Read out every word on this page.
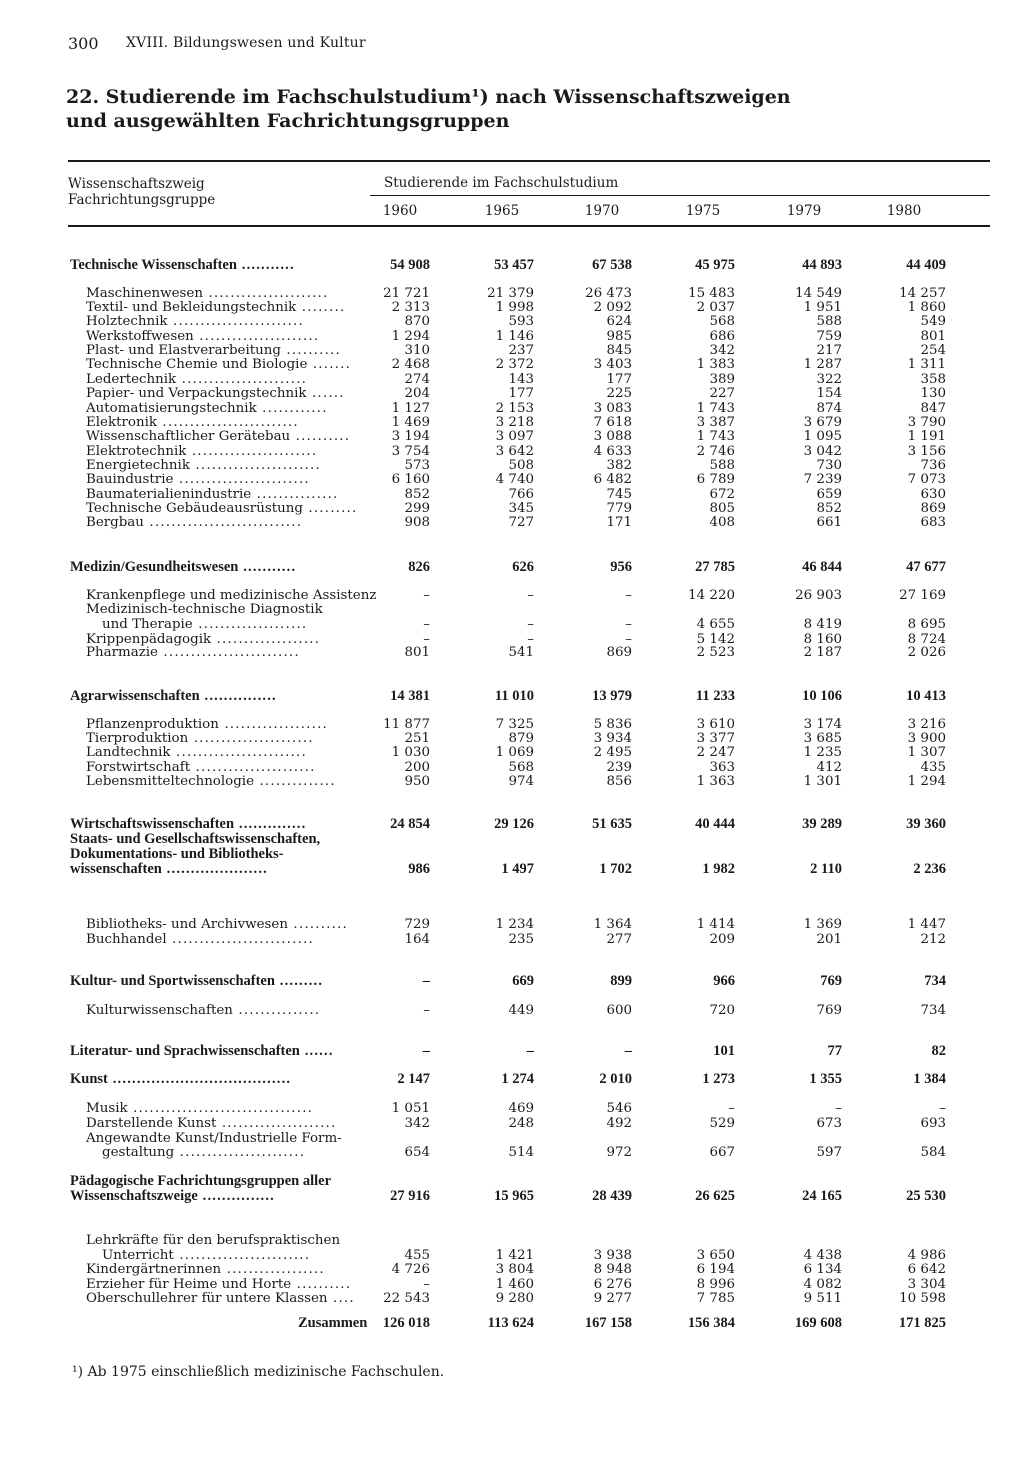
300 XVIII. Bildungswesen und Kultur
22. Studierende im Fachschulstudium¹) nach Wissenschaftszweigen
und ausgewählten Fachrichtungsgruppen
Wissenschaftszweig
Fachrichtungsgruppe
Studierende im Fachschulstudium
1960	1965	1970	1975	1979	1980
Technische Wissenschaften ...........	54 908	53 457	67 538	45 975	44 893	44 409
Maschinenwesen ......................	21 721	21 379	26 473	15 483	14 549	14 257
Textil- und Bekleidungstechnik ........	2 313	1 998	2 092	2 037	1 951	1 860
Holztechnik ........................	870	593	624	568	588	549
Werkstoffwesen ......................	1 294	1 146	985	686	759	801
Plast- und Elastverarbeitung ..........	310	237	845	342	217	254
Technische Chemie und Biologie .......	2 468	2 372	3 403	1 383	1 287	1 311
Ledertechnik .......................	274	143	177	389	322	358
Papier- und Verpackungstechnik ......	204	177	225	227	154	130
Automatisierungstechnik ............	1 127	2 153	3 083	1 743	874	847
Elektronik .........................	1 469	3 218	7 618	3 387	3 679	3 790
Wissenschaftlicher Gerätebau ..........	3 194	3 097	3 088	1 743	1 095	1 191
Elektrotechnik .......................	3 754	3 642	4 633	2 746	3 042	3 156
Energietechnik .......................	573	508	382	588	730	736
Bauindustrie ........................	6 160	4 740	6 482	6 789	7 239	7 073
Baumaterialienindustrie ...............	852	766	745	672	659	630
Technische Gebäudeausrüstung .........	299	345	779	805	852	869
Bergbau ............................	908	727	171	408	661	683
Medizin/Gesundheitswesen ...........	826	626	956	27 785	46 844	47 677
Krankenpflege und medizinische Assistenz	–	–	–	14 220	26 903	27 169
Medizinisch-technische Diagnostik
und Therapie ....................	–	–	–	4 655	8 419	8 695
Krippenpädagogik ...................	–	–	–	5 142	8 160	8 724
Pharmazie .........................	801	541	869	2 523	2 187	2 026
Agrarwissenschaften ...............	14 381	11 010	13 979	11 233	10 106	10 413
Pflanzenproduktion ...................	11 877	7 325	5 836	3 610	3 174	3 216
Tierproduktion ......................	251	879	3 934	3 377	3 685	3 900
Landtechnik ........................	1 030	1 069	2 495	2 247	1 235	1 307
Forstwirtschaft ......................	200	568	239	363	412	435
Lebensmitteltechnologie ..............	950	974	856	1 363	1 301	1 294
Wirtschaftswissenschaften ..............	24 854	29 126	51 635	40 444	39 289	39 360
Staats- und Gesellschaftswissenschaften,
Dokumentations- und Bibliotheks-
wissenschaften .....................	986	1 497	1 702	1 982	2 110	2 236
Bibliotheks- und Archivwesen ..........	729	1 234	1 364	1 414	1 369	1 447
Buchhandel ..........................	164	235	277	209	201	212
Kultur- und Sportwissenschaften .........	–	669	899	966	769	734
Kulturwissenschaften ...............	–	449	600	720	769	734
Literatur- und Sprachwissenschaften ......	–	–	–	101	77	82
Kunst .....................................	2 147	1 274	2 010	1 273	1 355	1 384
Musik .................................	1 051	469	546	–	–	–
Darstellende Kunst .....................	342	248	492	529	673	693
Angewandte Kunst/Industrielle Form-
gestaltung .......................	654	514	972	667	597	584
Pädagogische Fachrichtungsgruppen aller
Wissenschaftszweige ...............	27 916	15 965	28 439	26 625	24 165	25 530
Lehrkräfte für den berufspraktischen
Unterricht ........................	455	1 421	3 938	3 650	4 438	4 986
Kindergärtnerinnen ..................	4 726	3 804	8 948	6 194	6 134	6 642
Erzieher für Heime und Horte ..........	–	1 460	6 276	8 996	4 082	3 304
Oberschullehrer für untere Klassen ....	22 543	9 280	9 277	7 785	9 511	10 598
Zusammen	126 018	113 624	167 158	156 384	169 608	171 825
¹) Ab 1975 einschließlich medizinische Fachschulen.
